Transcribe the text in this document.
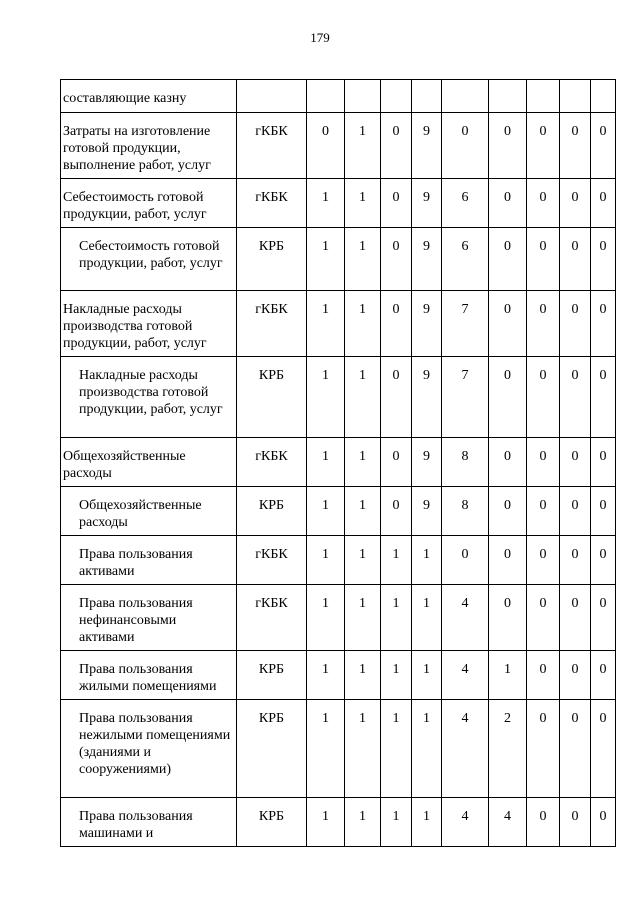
179
составляющие казну										
Затраты на изготовление готовой продукции, выполнение работ, услуг	гКБК	0	1	0	9	0	0	0	0	0
Себестоимость готовой продукции, работ, услуг	гКБК	1	1	0	9	6	0	0	0	0
Себестоимость готовой продукции, работ, услуг	КРБ	1	1	0	9	6	0	0	0	0
Накладные расходы производства готовой продукции, работ, услуг	гКБК	1	1	0	9	7	0	0	0	0
Накладные расходы производства готовой продукции, работ, услуг	КРБ	1	1	0	9	7	0	0	0	0
Общехозяйственные расходы	гКБК	1	1	0	9	8	0	0	0	0
Общехозяйственные расходы	КРБ	1	1	0	9	8	0	0	0	0
Права пользования активами	гКБК	1	1	1	1	0	0	0	0	0
Права пользования нефинансовыми активами	гКБК	1	1	1	1	4	0	0	0	0
Права пользования жилыми помещениями	КРБ	1	1	1	1	4	1	0	0	0
Права пользования нежилыми помещениями (зданиями и сооружениями)	КРБ	1	1	1	1	4	2	0	0	0
Права пользования машинами и	КРБ	1	1	1	1	4	4	0	0	0
